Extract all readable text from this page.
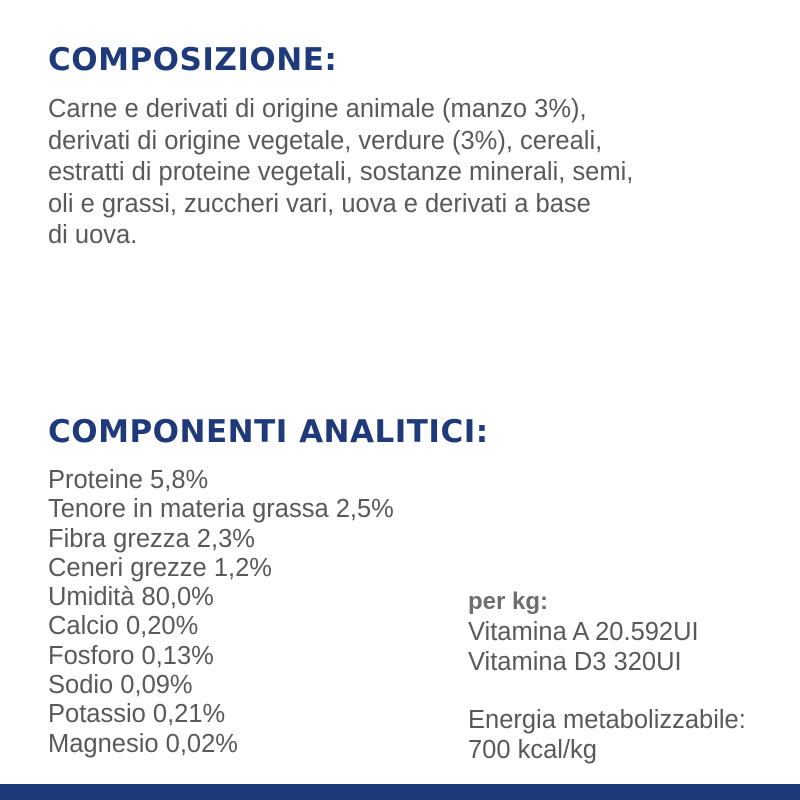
COMPOSIZIONE:

Carne e derivati di origine animale (manzo 3%),
derivati di origine vegetale, verdure (3%), cereali,
estratti di proteine vegetali, sostanze minerali, semi,
oli e grassi, zuccheri vari, uova e derivati a base
di uova.

COMPONENTI ANALITICI:
Proteine 5,8%
Tenore in materia grassa 2,5%
Fibra grezza 2,3%
Ceneri grezze 1,2%
Umidità 80,0%
Calcio 0,20%
Fosforo 0,13%
Sodio 0,09%
Potassio 0,21%
Magnesio 0,02%
per kg:
Vitamina A 20.592UI
Vitamina D3 320UI
Energia metabolizzabile:
700 kcal/kg
